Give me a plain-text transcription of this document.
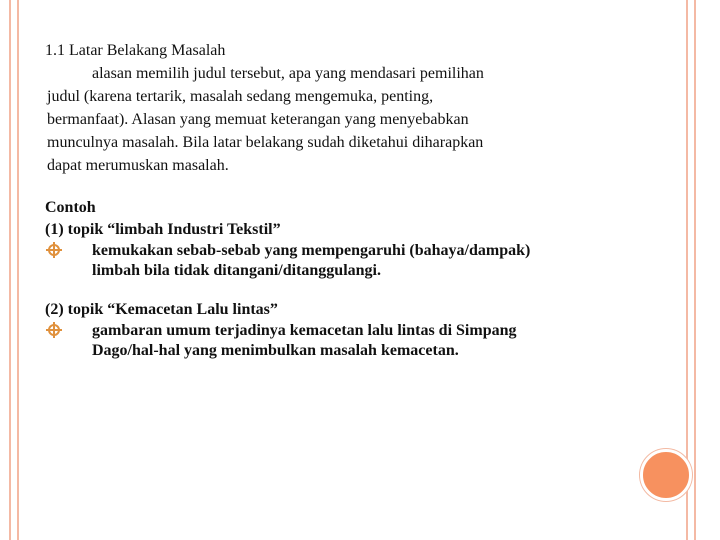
1.1 Latar Belakang Masalah

alasan memilih judul tersebut, apa yang mendasari pemilihan
judul (karena tertarik, masalah sedang mengemuka, penting,
bermanfaat). Alasan yang memuat keterangan yang menyebabkan
munculnya masalah. Bila latar belakang sudah diketahui diharapkan
dapat merumuskan masalah.

Contoh
(1) topik “limbah Industri Tekstil”
kemukakan sebab-sebab yang mempengaruhi (bahaya/dampak)
limbah bila tidak ditangani/ditanggulangi.
(2) topik “Kemacetan Lalu lintas”
gambaran umum terjadinya kemacetan lalu lintas di Simpang
Dago/hal-hal yang menimbulkan masalah kemacetan.
